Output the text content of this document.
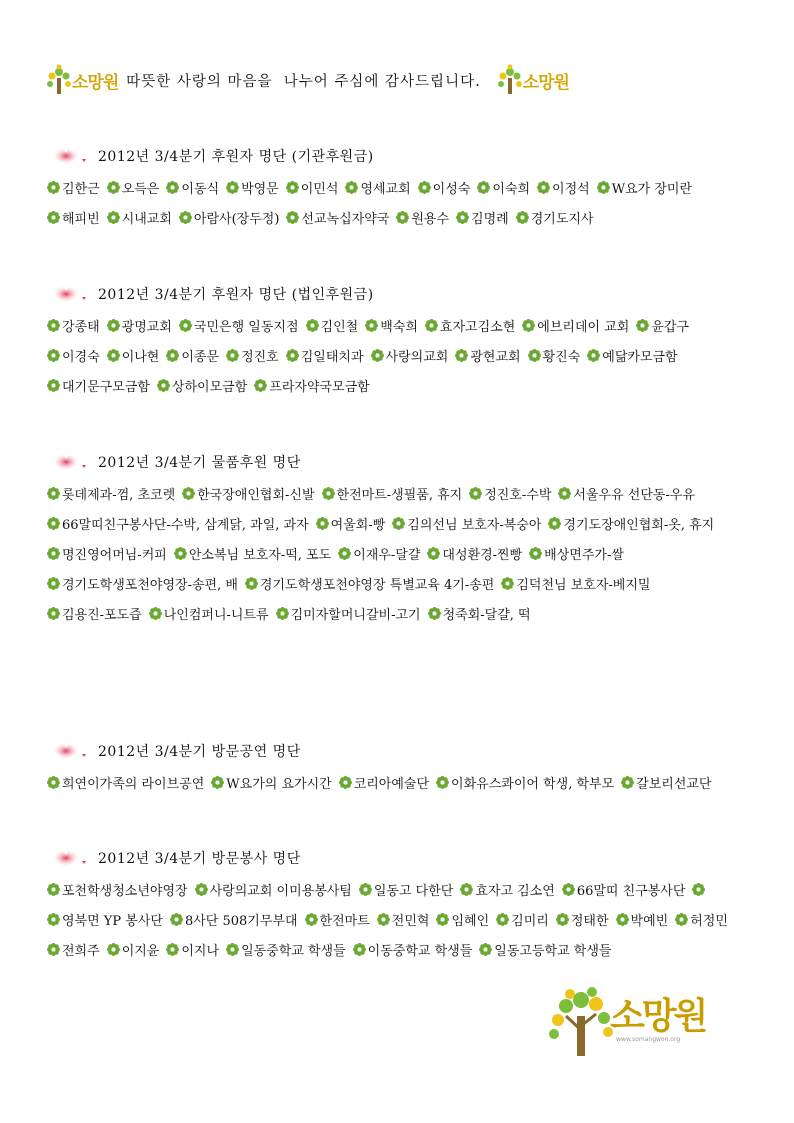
소망원 따뜻한 사랑의 마음을  나누어 주심에 감사드립니다. 소망원
2012년 3/4분기 후원자 명단 (기관후원금)
김한근 오득은 이동식 박영문 이민석 영세교회 이성숙 이숙희 이정석 W요가 장미란해피빈 시내교회 아람사(장두정) 선교녹십자약국 원용수 김명례 경기도지사
2012년 3/4분기 후원자 명단 (법인후원금)
강종태 광명교회 국민은행 일동지점 김인철 백숙희 효자고김소현 에브리데이 교회 윤갑구이경숙 이나현 이종문 정진호 김일태치과 사랑의교회 광현교회 황진숙 예닮카모금함대기문구모금함 상하이모금함 프라자약국모금함
2012년 3/4분기 물품후원 명단
롯데제과-껌, 초코렛 한국장애인협회-신발 한전마트-생필품, 휴지 정진호-수박 서울우유 선단동-우유66말띠친구봉사단-수박, 삼계닭, 과일, 과자 여울회-빵 김의선님 보호자-복숭아 경기도장애인협회-옷, 휴지명진영어머님-커피 안소복님 보호자-떡, 포도 이재우-달걀 대성환경-찐빵 배상면주가-쌀경기도학생포천야영장-송편, 배 경기도학생포천야영장 특별교육 4기-송편 김덕천님 보호자-베지밀김용진-포도즙 나인컴퍼니-니트류 김미자할머니갈비-고기 청죽회-달걀, 떡
2012년 3/4분기 방문공연 명단
희연이가족의 라이브공연 W요가의 요가시간 코리아예술단 이화유스콰이어 학생, 학부모 갈보리선교단
2012년 3/4분기 방문봉사 명단
포천학생청소년야영장 사랑의교회 이미용봉사팀 일동고 다한단 효자고 김소연 66말띠 친구봉사단영북면 YP 봉사단 8사단 508기무부대 한전마트 전민혁 임혜인 김미리 정태한 박예빈 허정민전희주 이지윤 이지나 일동중학교 학생들 이동중학교 학생들 일동고등학교 학생들
소망원
www.somangwon.org
